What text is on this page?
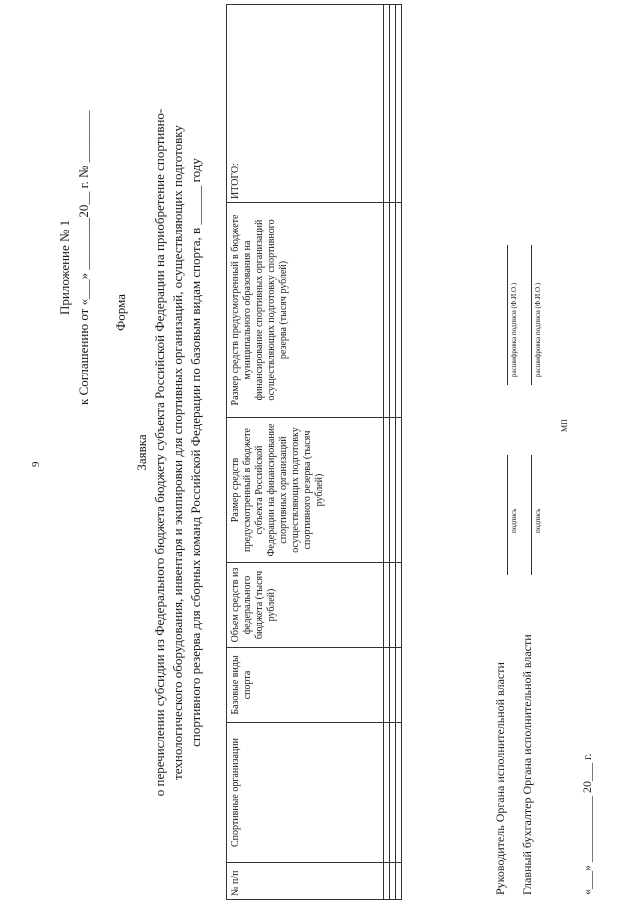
9
Приложение № 1 к Соглашению от «___» ________20__ г. № ________ Форма
Заявка о перечислении субсидии из Федерального бюджета бюджету субъекта Российской Федерации на приобретение спортивно- технологического оборудования, инвентаря и экипировки для спортивных организаций, осуществляющих подготовку спортивного резерва для сборных команд Российской Федерации по базовым видам спорта, в ______ году
№ п/п	Спортивные организации	Базовые виды спорта	Объем средств из федерального бюджета (тысяч рублей)	Размер средств предусмотренный в бюджете субъекта Российской Федерации на финансирование спортивных организаций осуществляющих подготовку спортивного резерва (тысяч рублей)	Размер средств предусмотренный в бюджете муниципального образования на финансирование спортивных организаций осуществляющих подготовку спортивного резерва (тысяч рублей)	ИТОГО:

Руководитель Органа исполнительной власти
подпись
расшифровка подписи (Ф.И.О.)
Главный бухгалтер Органа исполнительной власти
подпись
расшифровка подписи (Ф.И.О.)
МП
«___» ___________ 20___ г.
